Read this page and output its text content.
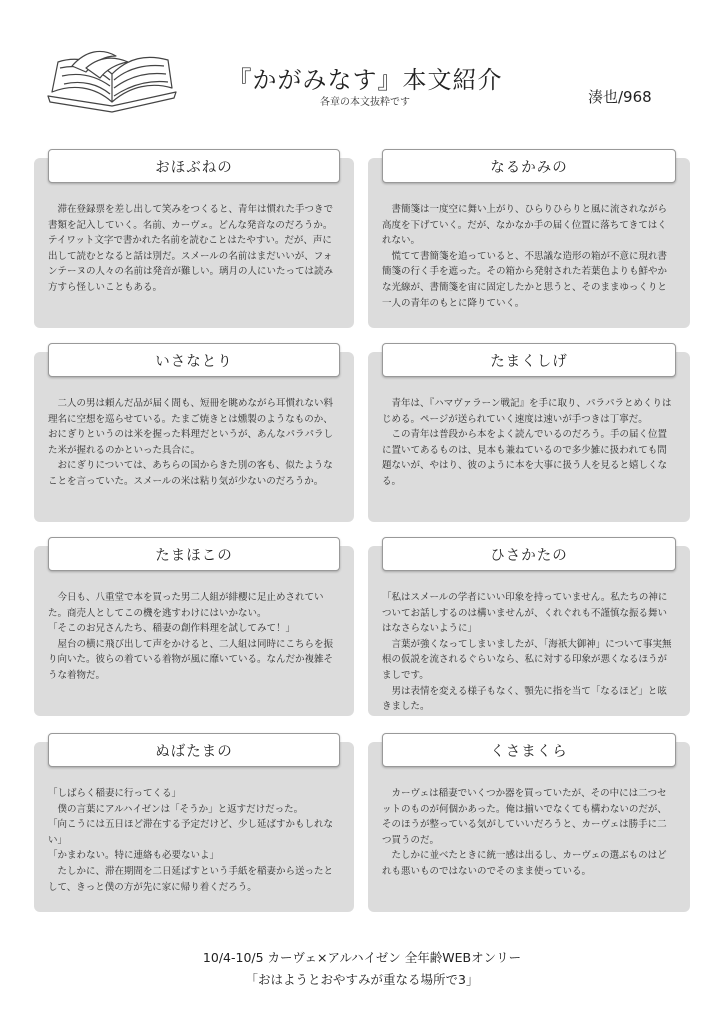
『かがみなす』本文紹介
各章の本文抜粋です	湊也/968
おほぶねの
　滞在登録票を差し出して笑みをつくると、青年は慣れた手つきで書類を記入していく。名前、カーヴェ。どんな発音なのだろうか。テイワット文字で書かれた名前を読むことはたやすい。だが、声に出して読むとなると話は別だ。スメールの名前はまだいいが、フォンテーヌの人々の名前は発音が難しい。璃月の人にいたっては読み方すら怪しいこともある。
なるかみの
　書簡箋は一度空に舞い上がり、ひらりひらりと風に流されながら高度を下げていく。だが、なかなか手の届く位置に落ちてきてはくれない。
　慌てて書簡箋を追っていると、不思議な造形の箱が不意に現れ書簡箋の行く手を遮った。その箱から発射された若葉色よりも鮮やかな光線が、書簡箋を宙に固定したかと思うと、そのままゆっくりと一人の青年のもとに降りていく。
いさなとり
　二人の男は頼んだ品が届く間も、短冊を眺めながら耳慣れない料理名に空想を巡らせている。たまご焼きとは燻製のようなものか、おにぎりというのは米を握った料理だというが、あんなパラパラした米が握れるのかといった具合に。
　おにぎりについては、あちらの国からきた別の客も、似たようなことを言っていた。スメールの米は粘り気が少ないのだろうか。
たまくしげ
　青年は、『ハマヴァラーン戦記』を手に取り、パラパラとめくりはじめる。ページが送られていく速度は速いが手つきは丁寧だ。
　この青年は普段から本をよく読んでいるのだろう。手の届く位置に置いてあるものは、見本も兼ねているので多少雑に扱われても問題ないが、やはり、彼のように本を大事に扱う人を見ると嬉しくなる。
たまほこの
　今日も、八重堂で本を買った男二人組が緋櫻に足止めされていた。商売人としてこの機を逃すわけにはいかない。
「そこのお兄さんたち、稲妻の創作料理を試してみて！」
　屋台の横に飛び出して声をかけると、二人組は同時にこちらを振り向いた。彼らの着ている着物が風に靡いている。なんだか複雑そうな着物だ。
ひさかたの
「私はスメールの学者にいい印象を持っていません。私たちの神についてお話しするのは構いませんが、くれぐれも不謹慎な振る舞いはなさらないように」
　言葉が強くなってしまいましたが、「海祇大御神」について事実無根の仮説を流されるぐらいなら、私に対する印象が悪くなるほうがましです。
　男は表情を変える様子もなく、顎先に指を当て「なるほど」と呟きました。
ぬばたまの
「しばらく稲妻に行ってくる」
　僕の言葉にアルハイゼンは「そうか」と返すだけだった。
「向こうには五日ほど滞在する予定だけど、少し延ばすかもしれない」
「かまわない。特に連絡も必要ないよ」
　たしかに、滞在期間を二日延ばすという手紙を稲妻から送ったとして、きっと僕の方が先に家に帰り着くだろう。
くさまくら
　カーヴェは稲妻でいくつか器を買っていたが、その中には二つセットのものが何個かあった。俺は揃いでなくても構わないのだが、そのほうが整っている気がしていいだろうと、カーヴェは勝手に二つ買うのだ。
　たしかに並べたときに統一感は出るし、カーヴェの選ぶものはどれも悪いものではないのでそのまま使っている。
10/4-10/5 カーヴェ×アルハイゼン 全年齢WEBオンリー
「おはようとおやすみが重なる場所で3」
